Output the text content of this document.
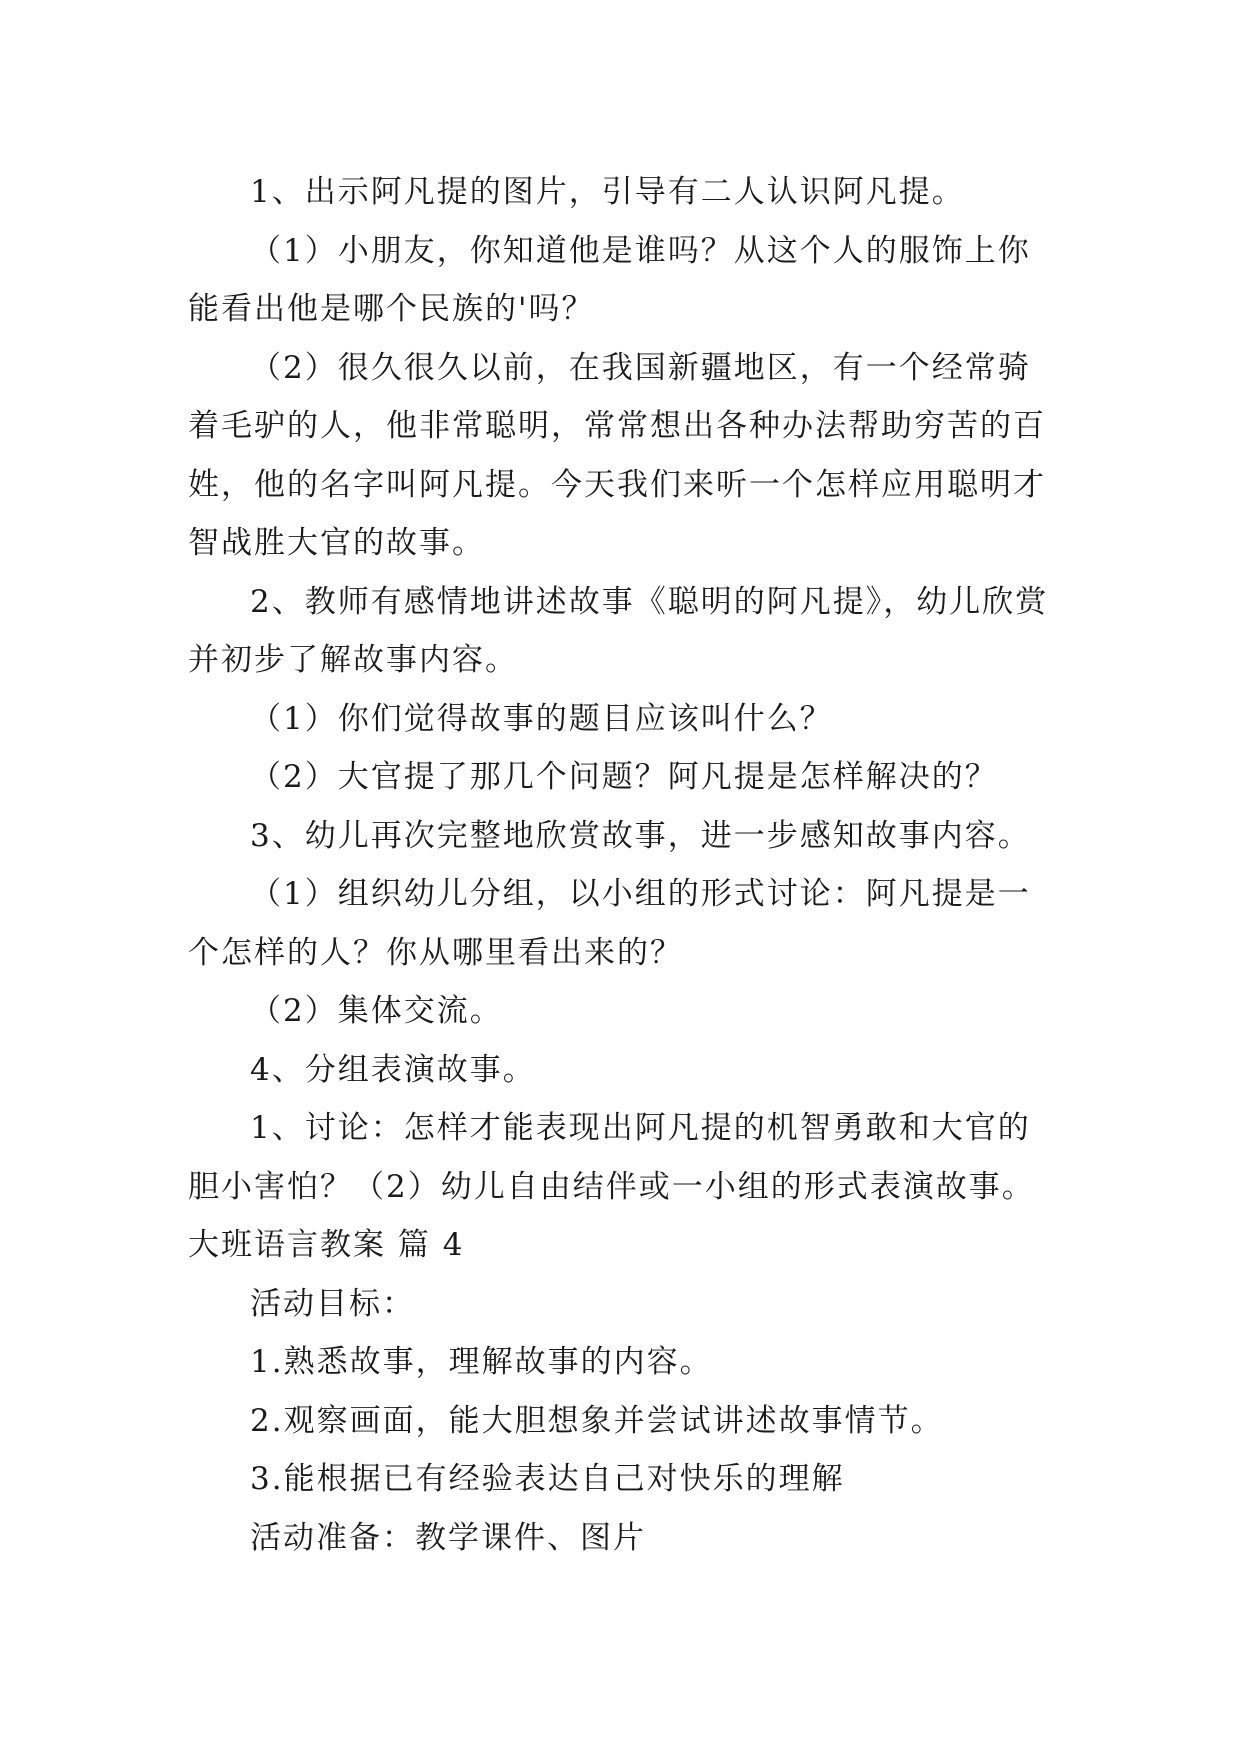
1、出示阿凡提的图片，引导有二人认识阿凡提。
（1）小朋友，你知道他是谁吗？从这个人的服饰上你
能看出他是哪个民族的'吗？
（2）很久很久以前，在我国新疆地区，有一个经常骑
着毛驴的人，他非常聪明，常常想出各种办法帮助穷苦的百
姓，他的名字叫阿凡提。今天我们来听一个怎样应用聪明才
智战胜大官的故事。
2、教师有感情地讲述故事《聪明的阿凡提》，幼儿欣赏
并初步了解故事内容。
（1）你们觉得故事的题目应该叫什么？
（2）大官提了那几个问题？阿凡提是怎样解决的？
3、幼儿再次完整地欣赏故事，进一步感知故事内容。
（1）组织幼儿分组，以小组的形式讨论：阿凡提是一
个怎样的人？你从哪里看出来的？
（2）集体交流。
4、分组表演故事。
1、讨论：怎样才能表现出阿凡提的机智勇敢和大官的
胆小害怕？（2）幼儿自由结伴或一小组的形式表演故事。
大班语言教案 篇 4
活动目标：
1.熟悉故事，理解故事的内容。
2.观察画面，能大胆想象并尝试讲述故事情节。
3.能根据已有经验表达自己对快乐的理解
活动准备：教学课件、图片
